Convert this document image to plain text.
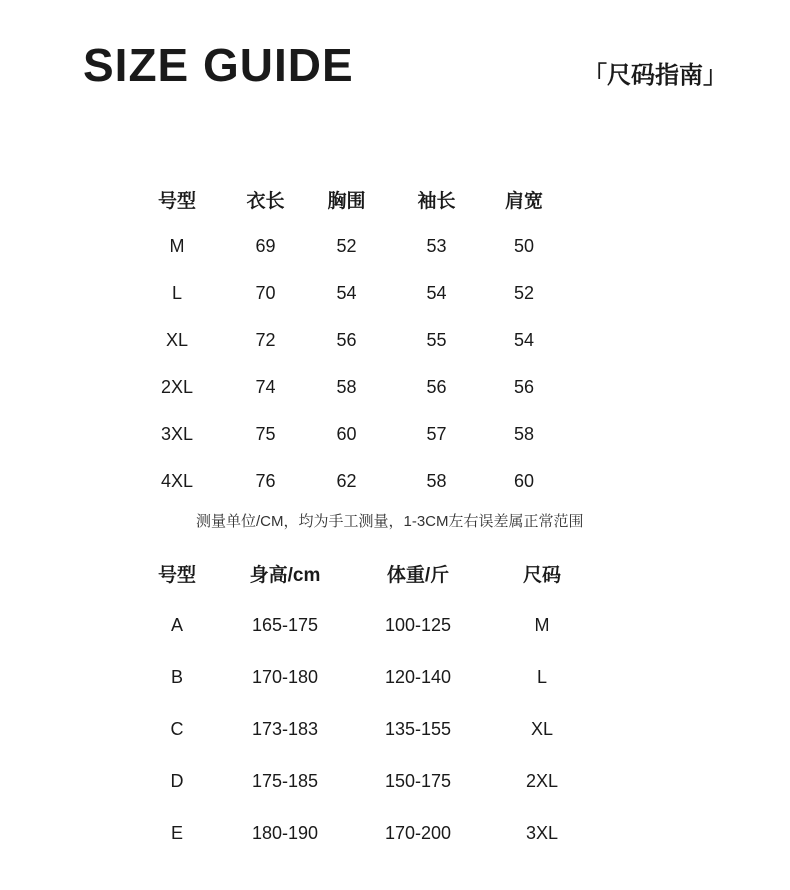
SIZE GUIDE	「尺码指南」
号型	衣长	胸围	袖长	肩宽
M	69	52	53	50
L	70	54	54	52
XL	72	56	55	54
2XL	74	58	56	56
3XL	75	60	57	58
4XL	76	62	58	60
测量单位/CM，均为手工测量，1-3CM左右误差属正常范围
号型	身高/cm	体重/斤	尺码
A	165-175	100-125	M
B	170-180	120-140	L
C	173-183	135-155	XL
D	175-185	150-175	2XL
E	180-190	170-200	3XL
